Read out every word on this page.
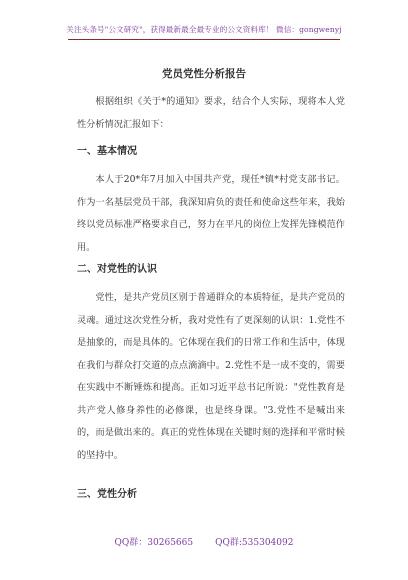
关注头条号"公文研究"，获得最新最全最专业的公文资料库！ 微信：gongwenyj
党员党性分析报告

根据组织《关于*的通知》要求，结合个人实际，现将本人党性分析情况汇报如下：

一、基本情况

本人于20*年7月加入中国共产党，现任*镇*村党支部书记。作为一名基层党员干部，我深知肩负的责任和使命这些年来，我始终以党员标准严格要求自己，努力在平凡的岗位上发挥先锋模范作用。

二、对党性的认识

党性，是共产党员区别于普通群众的本质特征，是共产党员的灵魂。通过这次党性分析，我对党性有了更深刻的认识：1.党性不是抽象的，而是具体的。它体现在我们的日常工作和生活中，体现在我们与群众打交道的点点滴滴中。2.党性不是一成不变的，需要在实践中不断锤炼和提高。正如习近平总书记所说："党性教育是共产党人修身养性的必修课，也是终身课。"3.党性不是喊出来的，而是做出来的。真正的党性体现在关键时刻的选择和平常时候的坚持中。

三、党性分析

QQ群：30265665 QQ群:535304092
